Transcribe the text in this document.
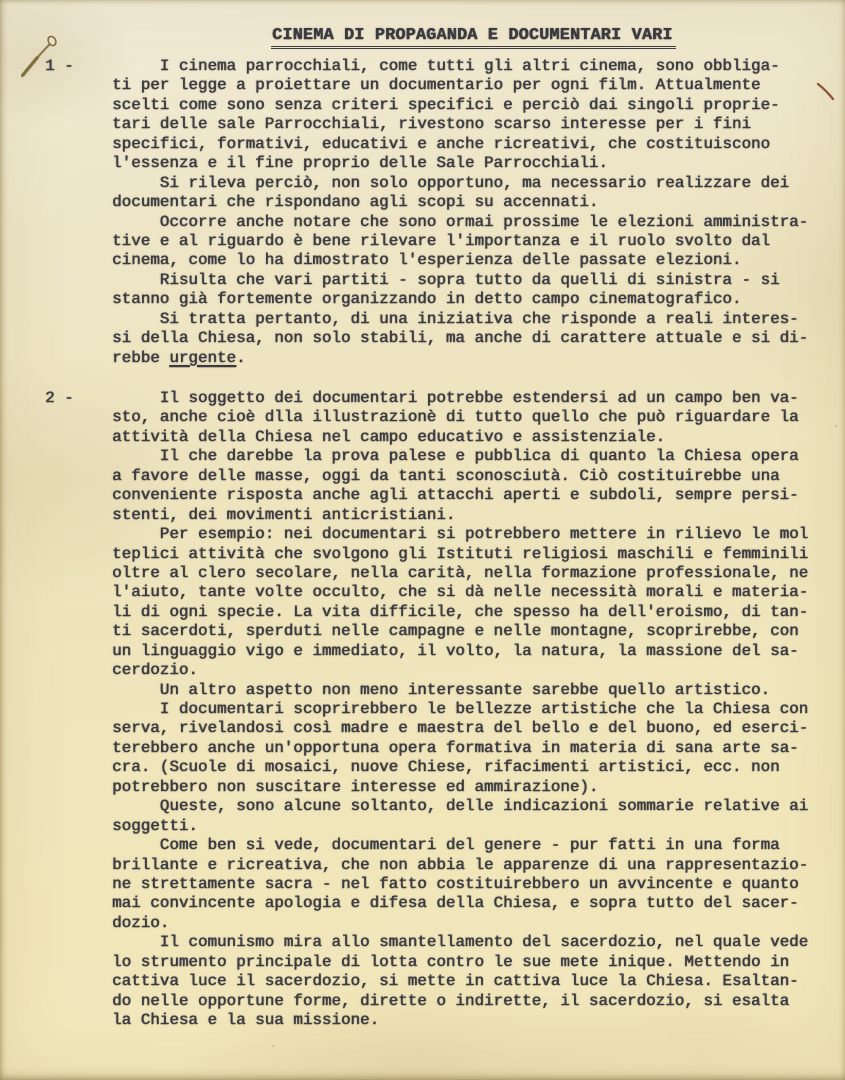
CINEMA DI PROPAGANDA E DOCUMENTARI VARI
1 - I cinema parrocchiali, come tutti gli altri cinema, sono obbliga-
ti per legge a proiettare un documentario per ogni film. Attualmente
scelti come sono senza criteri specifici e perciò dai singoli proprie-
tari delle sale Parrocchiali, rivestono scarso interesse per i fini
specifici, formativi, educativi e anche ricreativi, che costituiscono
l'essenza e il fine proprio delle Sale Parrocchiali.
Si rileva perciò, non solo opportuno, ma necessario realizzare dei
documentari che rispondano agli scopi su accennati.
Occorre anche notare che sono ormai prossime le elezioni amministra-
tive e al riguardo è bene rilevare l'importanza e il ruolo svolto dal
cinema, come lo ha dimostrato l'esperienza delle passate elezioni.
Risulta che vari partiti - sopra tutto da quelli di sinistra - si
stanno già fortemente organizzando in detto campo cinematografico.
Si tratta pertanto, di una iniziativa che risponde a reali interes-
si della Chiesa, non solo stabili, ma anche di carattere attuale e si di-
rebbe urgente.
2 - Il soggetto dei documentari potrebbe estendersi ad un campo ben va-
sto, anche cioè dlla illustrazionè di tutto quello che può riguardare la
attività della Chiesa nel campo educativo e assistenziale.
Il che darebbe la prova palese e pubblica di quanto la Chiesa opera
a favore delle masse, oggi da tanti sconosciutà. Ciò costituirebbe una
conveniente risposta anche agli attacchi aperti e subdoli, sempre persi-
stenti, dei movimenti anticristiani.
Per esempio: nei documentari si potrebbero mettere in rilievo le mol
teplici attività che svolgono gli Istituti religiosi maschili e femminili
oltre al clero secolare, nella carità, nella formazione professionale, ne
l'aiuto, tante volte occulto, che si dà nelle necessità morali e materia-
li di ogni specie. La vita difficile, che spesso ha dell'eroismo, di tan-
ti sacerdoti, sperduti nelle campagne e nelle montagne, scoprirebbe, con
un linguaggio vigo e immediato, il volto, la natura, la massione del sa-
cerdozio.
Un altro aspetto non meno interessante sarebbe quello artistico.
I documentari scoprirebbero le bellezze artistiche che la Chiesa con
serva, rivelandosi così madre e maestra del bello e del buono, ed eserci-
terebbero anche un'opportuna opera formativa in materia di sana arte sa-
cra. (Scuole di mosaici, nuove Chiese, rifacimenti artistici, ecc. non
potrebbero non suscitare interesse ed ammirazione).
Queste, sono alcune soltanto, delle indicazioni sommarie relative ai
soggetti.
Come ben si vede, documentari del genere - pur fatti in una forma
brillante e ricreativa, che non abbia le apparenze di una rappresentazio-
ne strettamente sacra - nel fatto costituirebbero un avvincente e quanto
mai convincente apologia e difesa della Chiesa, e sopra tutto del sacer-
dozio.
Il comunismo mira allo smantellamento del sacerdozio, nel quale vede
lo strumento principale di lotta contro le sue mete inique. Mettendo in
cattiva luce il sacerdozio, si mette in cattiva luce la Chiesa. Esaltan-
do nelle opportune forme, dirette o indirette, il sacerdozio, si esalta
la Chiesa e la sua missione.
